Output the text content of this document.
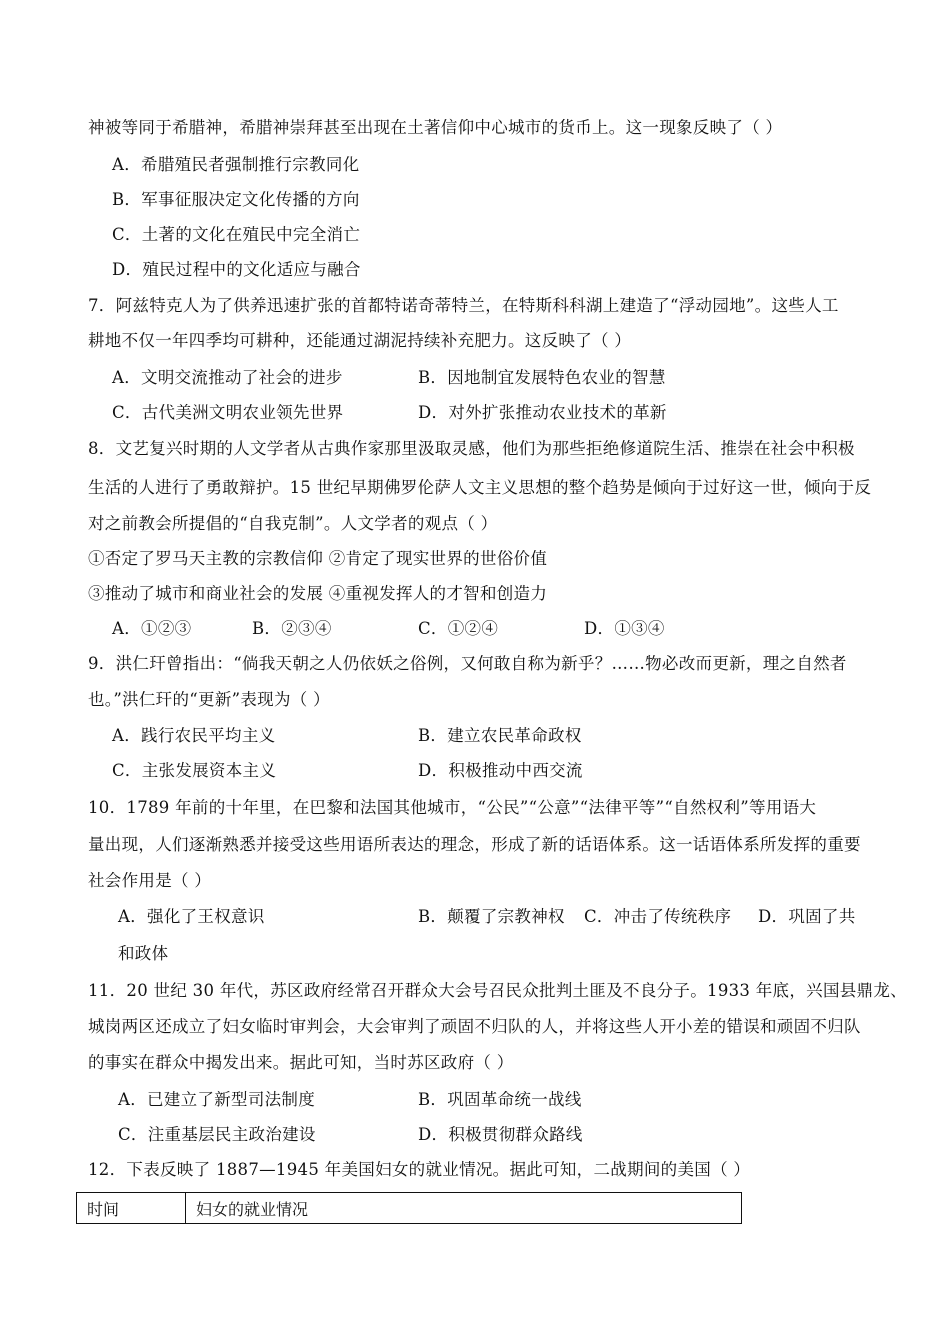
神被等同于希腊神，希腊神崇拜甚至出现在土著信仰中心城市的货币上。这一现象反映了（ ）
A．希腊殖民者强制推行宗教同化
B．军事征服决定文化传播的方向
C．土著的文化在殖民中完全消亡
D．殖民过程中的文化适应与融合
7．阿兹特克人为了供养迅速扩张的首都特诺奇蒂特兰，在特斯科科湖上建造了“浮动园地”。这些人工
耕地不仅一年四季均可耕种，还能通过湖泥持续补充肥力。这反映了（ ）
A．文明交流推动了社会的进步	B．因地制宜发展特色农业的智慧
C．古代美洲文明农业领先世界	D．对外扩张推动农业技术的革新
8．文艺复兴时期的人文学者从古典作家那里汲取灵感，他们为那些拒绝修道院生活、推崇在社会中积极
生活的人进行了勇敢辩护。15 世纪早期佛罗伦萨人文主义思想的整个趋势是倾向于过好这一世，倾向于反
对之前教会所提倡的“自我克制”。人文学者的观点（ ）
①否定了罗马天主教的宗教信仰 ②肯定了现实世界的世俗价值
③推动了城市和商业社会的发展 ④重视发挥人的才智和创造力
A．①②③	B．②③④	C．①②④	D．①③④
9．洪仁玕曾指出：“倘我天朝之人仍依妖之俗例，又何敢自称为新乎？……物必改而更新，理之自然者
也。”洪仁玕的“更新”表现为（ ）
A．践行农民平均主义	B．建立农民革命政权
C．主张发展资本主义	D．积极推动中西交流
10．1789 年前的十年里，在巴黎和法国其他城市，“公民”“公意”“法律平等”“自然权利”等用语大
量出现，人们逐渐熟悉并接受这些用语所表达的理念，形成了新的话语体系。这一话语体系所发挥的重要
社会作用是（ ）
A．强化了王权意识	B．颠覆了宗教神权 C．冲击了传统秩序 D．巩固了共
和政体
11．20 世纪 30 年代，苏区政府经常召开群众大会号召民众批判土匪及不良分子。1933 年底，兴国县鼎龙、
城岗两区还成立了妇女临时审判会，大会审判了顽固不归队的人，并将这些人开小差的错误和顽固不归队
的事实在群众中揭发出来。据此可知，当时苏区政府（ ）
A．已建立了新型司法制度	B．巩固革命统一战线
C．注重基层民主政治建设	D．积极贯彻群众路线
12．下表反映了 1887—1945 年美国妇女的就业情况。据此可知，二战期间的美国（ ）
时间	妇女的就业情况
